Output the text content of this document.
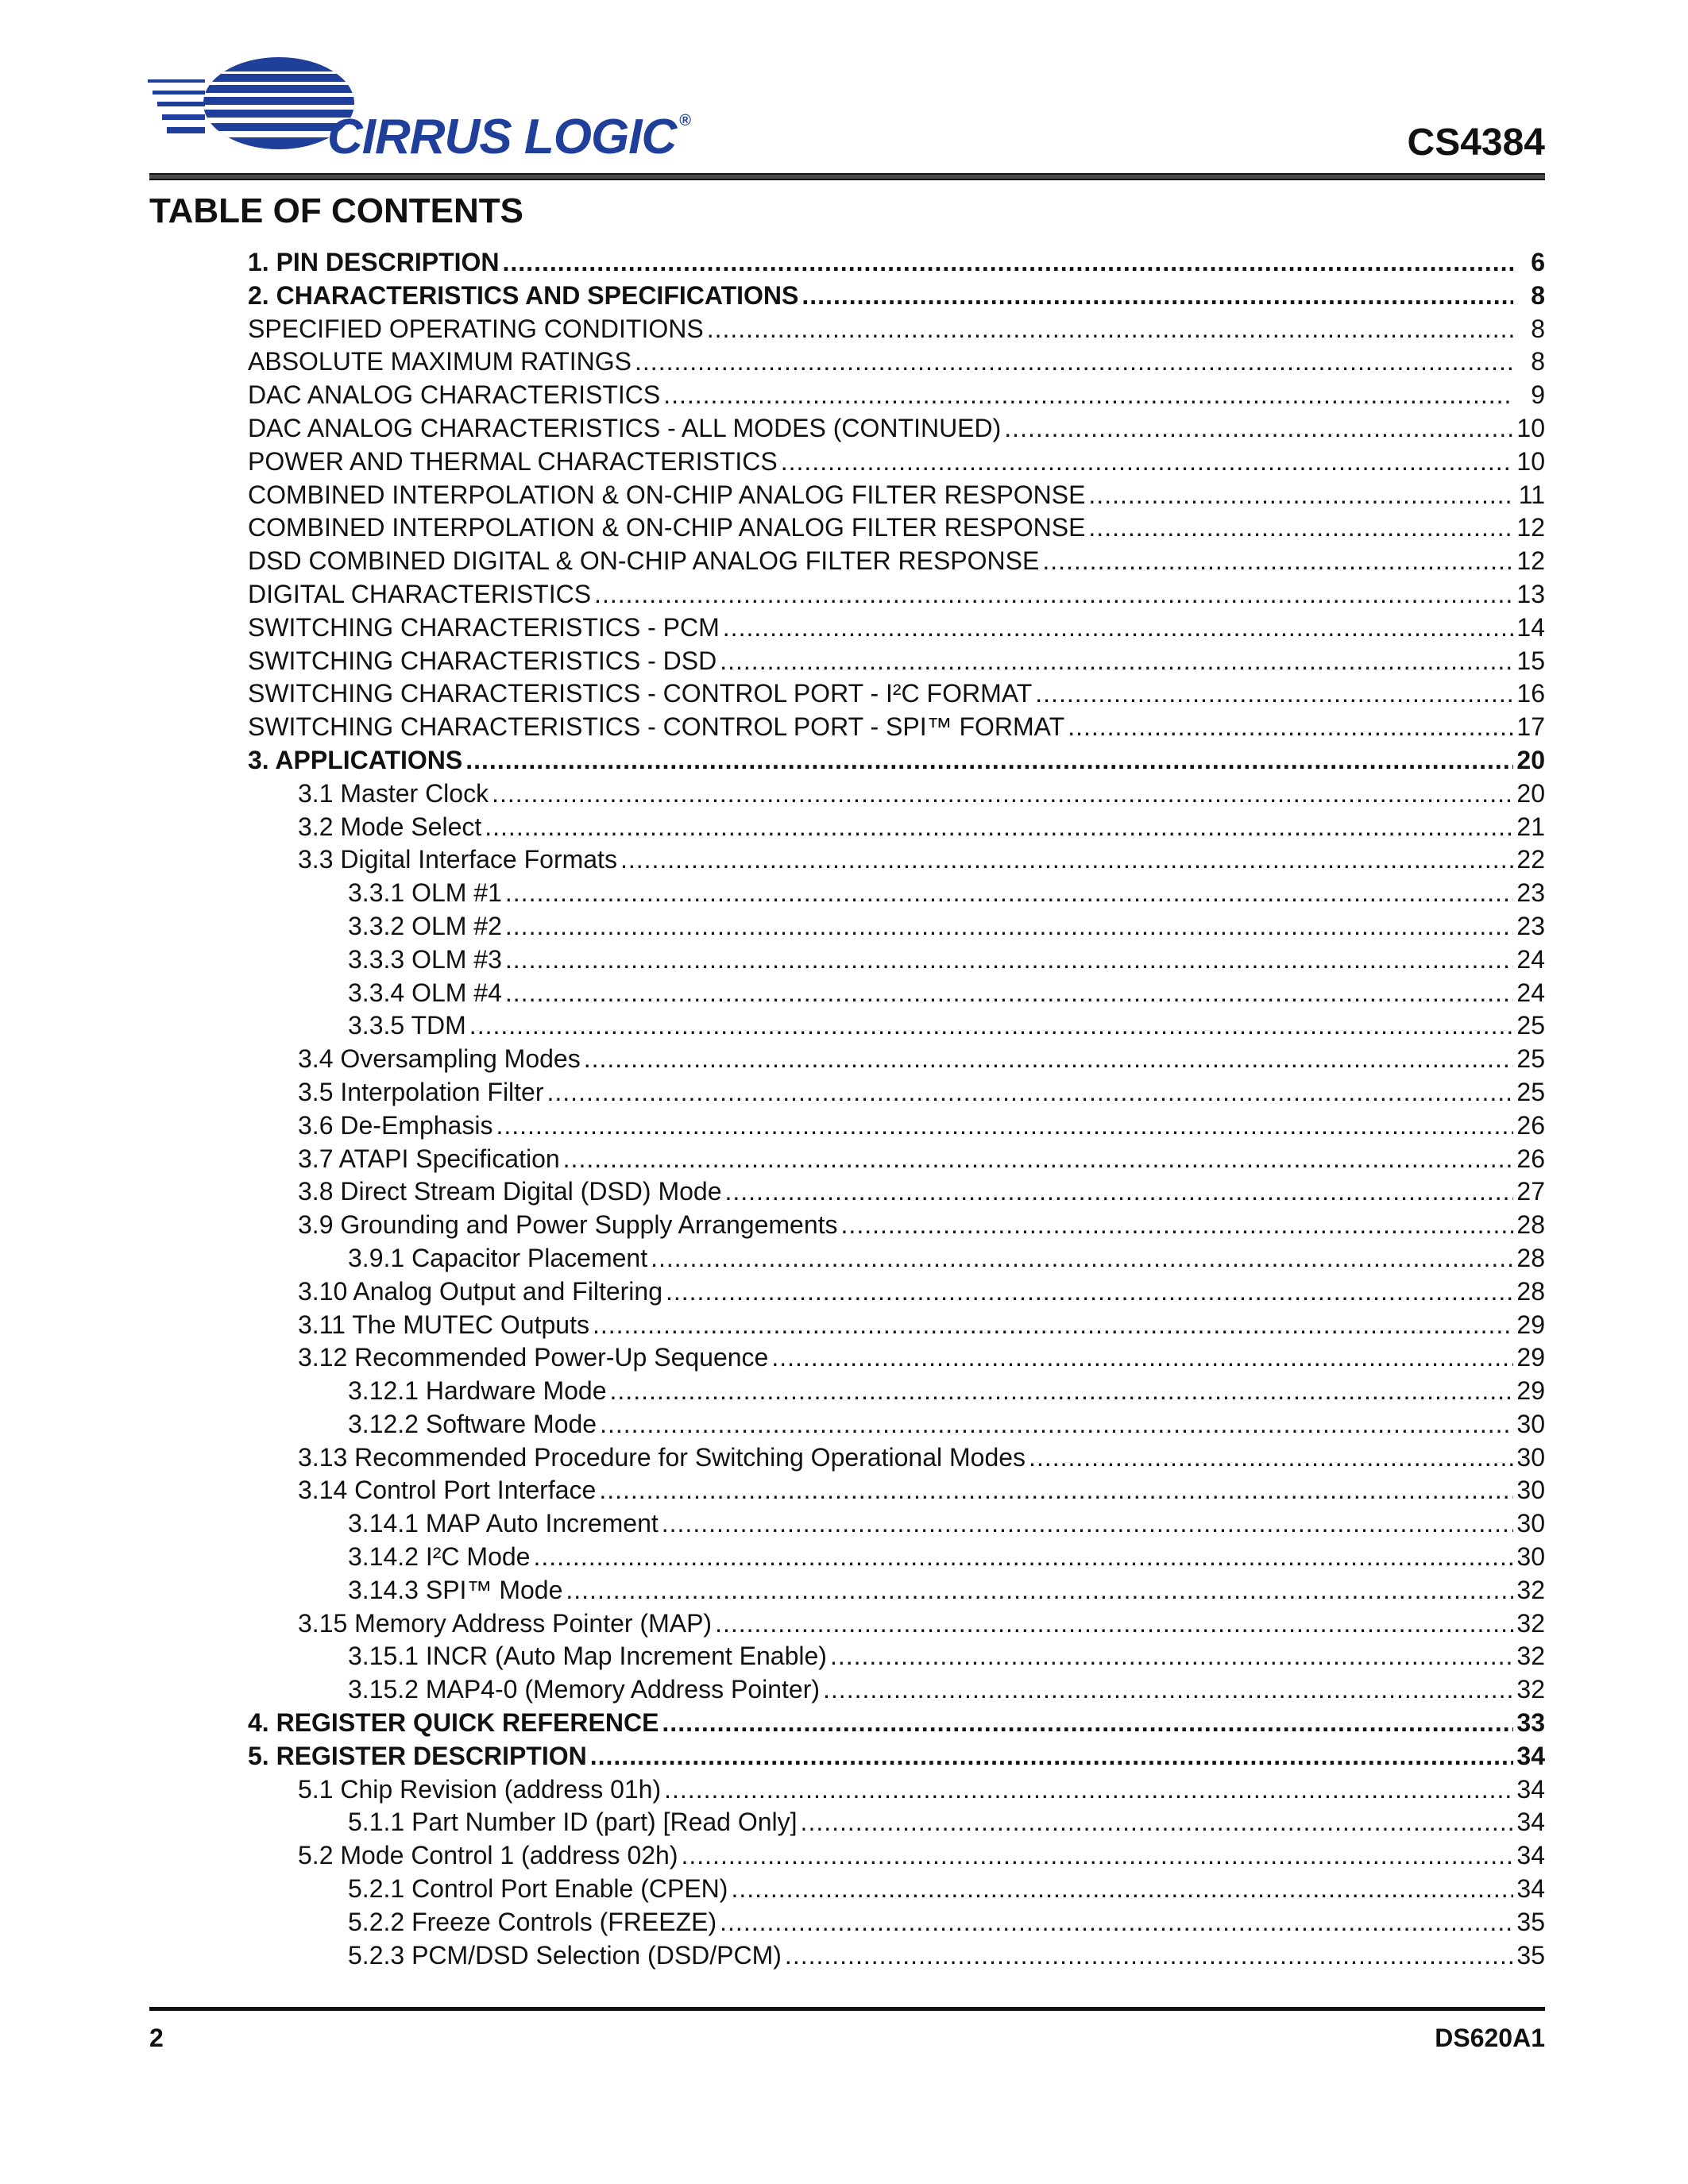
CIRRUS LOGIC ®
CS4384
TABLE OF CONTENTS
1. PIN DESCRIPTION .....	6
2. CHARACTERISTICS AND SPECIFICATIONS .....	8
SPECIFIED OPERATING CONDITIONS .....	8
ABSOLUTE MAXIMUM RATINGS .....	8
DAC ANALOG CHARACTERISTICS .....	9
DAC ANALOG CHARACTERISTICS - ALL MODES (CONTINUED) .....	10
POWER AND THERMAL CHARACTERISTICS .....	10
COMBINED INTERPOLATION & ON-CHIP ANALOG FILTER RESPONSE .....	11
COMBINED INTERPOLATION & ON-CHIP ANALOG FILTER RESPONSE .....	12
DSD COMBINED DIGITAL & ON-CHIP ANALOG FILTER RESPONSE .....	12
DIGITAL CHARACTERISTICS .....	13
SWITCHING CHARACTERISTICS - PCM .....	14
SWITCHING CHARACTERISTICS - DSD .....	15
SWITCHING CHARACTERISTICS - CONTROL PORT - I²C FORMAT .....	16
SWITCHING CHARACTERISTICS - CONTROL PORT - SPI™ FORMAT .....	17
3. APPLICATIONS .....	20
3.1 Master Clock .....	20
3.2 Mode Select .....	21
3.3 Digital Interface Formats .....	22
3.3.1 OLM #1 .....	23
3.3.2 OLM #2 .....	23
3.3.3 OLM #3 .....	24
3.3.4 OLM #4 .....	24
3.3.5 TDM .....	25
3.4 Oversampling Modes .....	25
3.5 Interpolation Filter .....	25
3.6 De-Emphasis .....	26
3.7 ATAPI Specification .....	26
3.8 Direct Stream Digital (DSD) Mode .....	27
3.9 Grounding and Power Supply Arrangements .....	28
3.9.1 Capacitor Placement .....	28
3.10 Analog Output and Filtering .....	28
3.11 The MUTEC Outputs .....	29
3.12 Recommended Power-Up Sequence .....	29
3.12.1 Hardware Mode .....	29
3.12.2 Software Mode .....	30
3.13 Recommended Procedure for Switching Operational Modes .....	30
3.14 Control Port Interface .....	30
3.14.1 MAP Auto Increment .....	30
3.14.2 I²C Mode .....	30
3.14.3 SPI™ Mode .....	32
3.15 Memory Address Pointer (MAP) .....	32
3.15.1 INCR (Auto Map Increment Enable) .....	32
3.15.2 MAP4-0 (Memory Address Pointer) .....	32
4. REGISTER QUICK REFERENCE .....	33
5. REGISTER DESCRIPTION .....	34
5.1 Chip Revision (address 01h) .....	34
5.1.1 Part Number ID (part) [Read Only] .....	34
5.2 Mode Control 1 (address 02h) .....	34
5.2.1 Control Port Enable (CPEN) .....	34
5.2.2 Freeze Controls (FREEZE) .....	35
5.2.3 PCM/DSD Selection (DSD/PCM) .....	35
2	DS620A1
